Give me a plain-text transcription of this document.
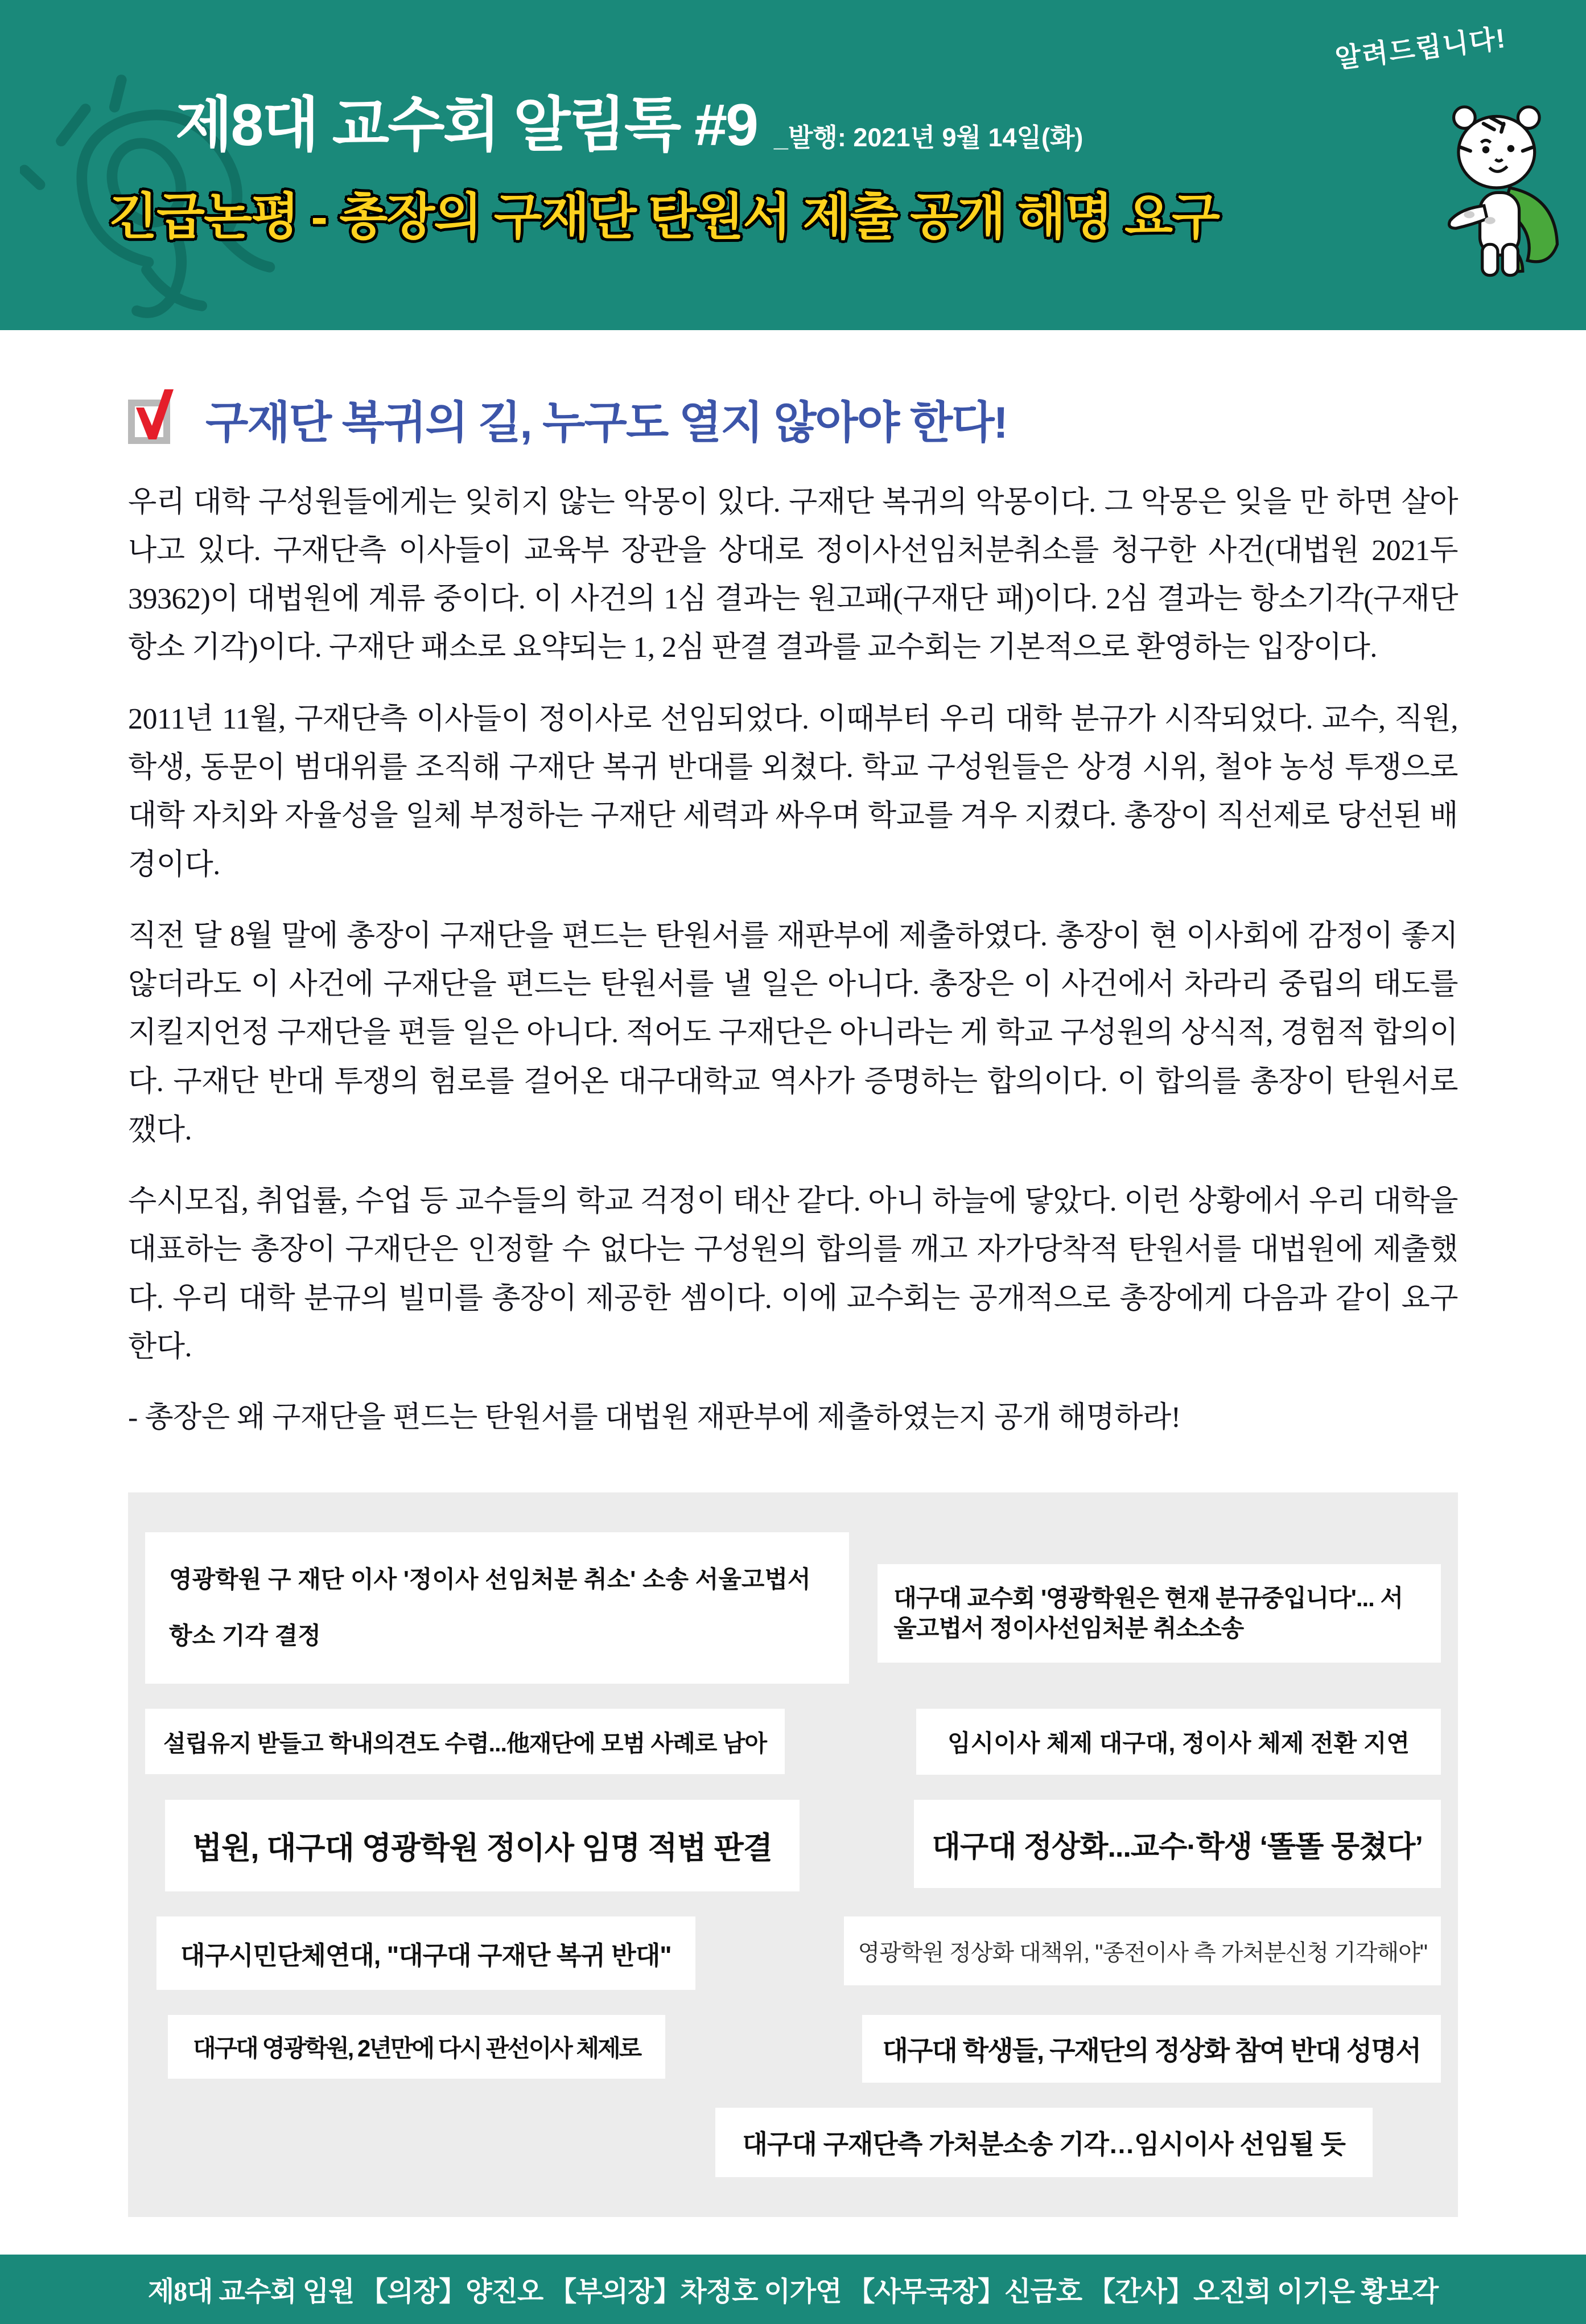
제8대 교수회 알림톡 #9 _발행: 2021년 9월 14일(화)
긴급논평 - 총장의 구재단 탄원서 제출 공개 해명 요구
알려드립니다!
구재단 복귀의 길, 누구도 열지 않아야 한다!

우리 대학 구성원들에게는 잊히지 않는 악몽이 있다. 구재단 복귀의 악몽이다. 그 악몽은 잊을 만 하면 살아나고 있다. 구재단측 이사들이 교육부 장관을 상대로 정이사선임처분취소를 청구한 사건(대법원 2021두 39362)이 대법원에 계류 중이다. 이 사건의 1심 결과는 원고패(구재단 패)이다. 2심 결과는 항소기각(구재단 항소 기각)이다. 구재단 패소로 요약되는 1, 2심 판결 결과를 교수회는 기본적으로 환영하는 입장이다.

2011년 11월, 구재단측 이사들이 정이사로 선임되었다. 이때부터 우리 대학 분규가 시작되었다. 교수, 직원, 학생, 동문이 범대위를 조직해 구재단 복귀 반대를 외쳤다. 학교 구성원들은 상경 시위, 철야 농성 투쟁으로 대학 자치와 자율성을 일체 부정하는 구재단 세력과 싸우며 학교를 겨우 지켰다. 총장이 직선제로 당선된 배경이다.

직전 달 8월 말에 총장이 구재단을 편드는 탄원서를 재판부에 제출하였다. 총장이 현 이사회에 감정이 좋지 않더라도 이 사건에 구재단을 편드는 탄원서를 낼 일은 아니다. 총장은 이 사건에서 차라리 중립의 태도를 지킬지언정 구재단을 편들 일은 아니다. 적어도 구재단은 아니라는 게 학교 구성원의 상식적, 경험적 합의이다. 구재단 반대 투쟁의 험로를 걸어온 대구대학교 역사가 증명하는 합의이다. 이 합의를 총장이 탄원서로 깼다.

수시모집, 취업률, 수업 등 교수들의 학교 걱정이 태산 같다. 아니 하늘에 닿았다. 이런 상황에서 우리 대학을 대표하는 총장이 구재단은 인정할 수 없다는 구성원의 합의를 깨고 자가당착적 탄원서를 대법원에 제출했다. 우리 대학 분규의 빌미를 총장이 제공한 셈이다. 이에 교수회는 공개적으로 총장에게 다음과 같이 요구한다.

- 총장은 왜 구재단을 편드는 탄원서를 대법원 재판부에 제출하였는지 공개 해명하라!

영광학원 구 재단 이사 '정이사 선임처분 취소' 소송 서울고법서 항소 기각 결정
대구대 교수회 '영광학원은 현재 분규중입니다'... 서울고법서 정이사선임처분 취소소송
설립유지 받들고 학내의견도 수렴...他재단에 모범 사례로 남아	임시이사 체제 대구대, 정이사 체제 전환 지연
법원, 대구대 영광학원 정이사 임명 적법 판결	대구대 정상화...교수·학생 ‘똘똘 뭉쳤다’
대구시민단체연대, "대구대 구재단 복귀 반대"	영광학원 정상화 대책위, "종전이사 측 가처분신청 기각해야"
대구대 영광학원, 2년만에 다시 관선이사 체제로	대구대 학생들, 구재단의 정상화 참여 반대 성명서
대구대 구재단측 가처분소송 기각…임시이사 선임될 듯
제8대 교수회 임원 【의장】양진오 【부의장】차정호 이가연 【사무국장】신금호 【간사】오진희 이기은 황보각
